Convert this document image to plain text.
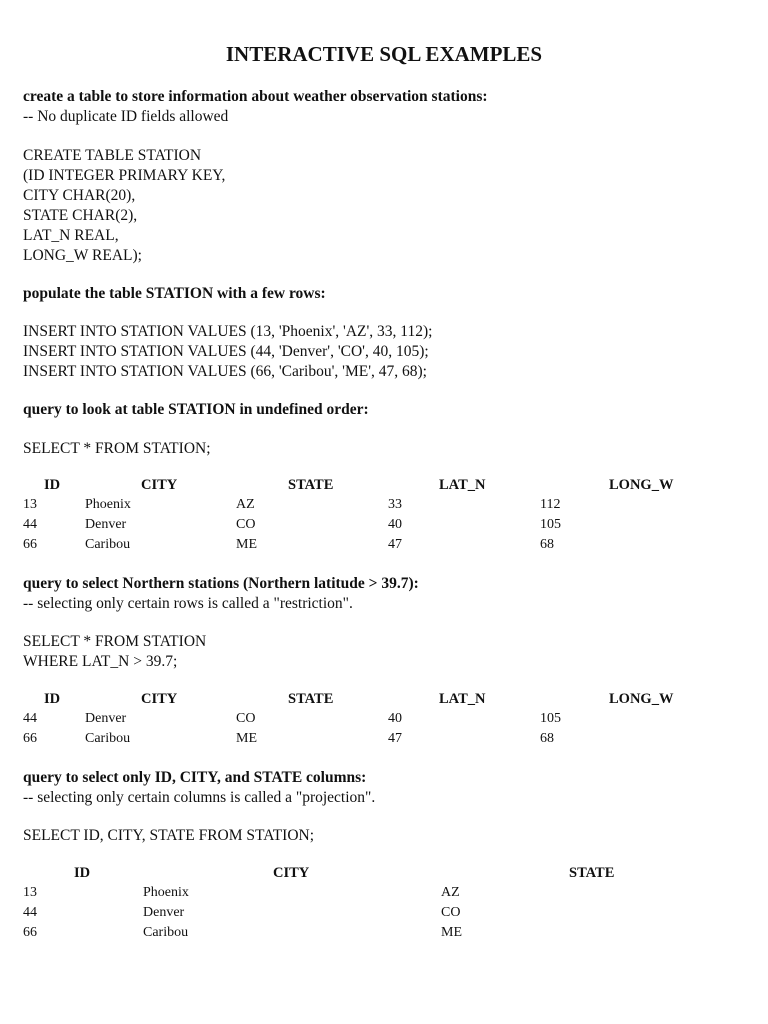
INTERACTIVE SQL EXAMPLES
create a table to store information about weather observation stations:
-- No duplicate ID fields allowed
CREATE TABLE STATION
(ID INTEGER PRIMARY KEY,
CITY CHAR(20),
STATE CHAR(2),
LAT_N REAL,
LONG_W REAL);
populate the table STATION with a few rows:
INSERT INTO STATION VALUES (13, 'Phoenix', 'AZ', 33, 112);
INSERT INTO STATION VALUES (44, 'Denver', 'CO', 40, 105);
INSERT INTO STATION VALUES (66, 'Caribou', 'ME', 47, 68);
query to look at table STATION in undefined order:
SELECT * FROM STATION;
ID	CITY	STATE	LAT_N	LONG_W
13	Phoenix	AZ	33	112
44	Denver	CO	40	105
66	Caribou	ME	47	68
query to select Northern stations (Northern latitude > 39.7):
-- selecting only certain rows is called a "restriction".
SELECT * FROM STATION
WHERE LAT_N > 39.7;
ID	CITY	STATE	LAT_N	LONG_W
44	Denver	CO	40	105
66	Caribou	ME	47	68
query to select only ID, CITY, and STATE columns:
-- selecting only certain columns is called a "projection".
SELECT ID, CITY, STATE FROM STATION;
ID	CITY	STATE
13	Phoenix	AZ
44	Denver	CO
66	Caribou	ME
